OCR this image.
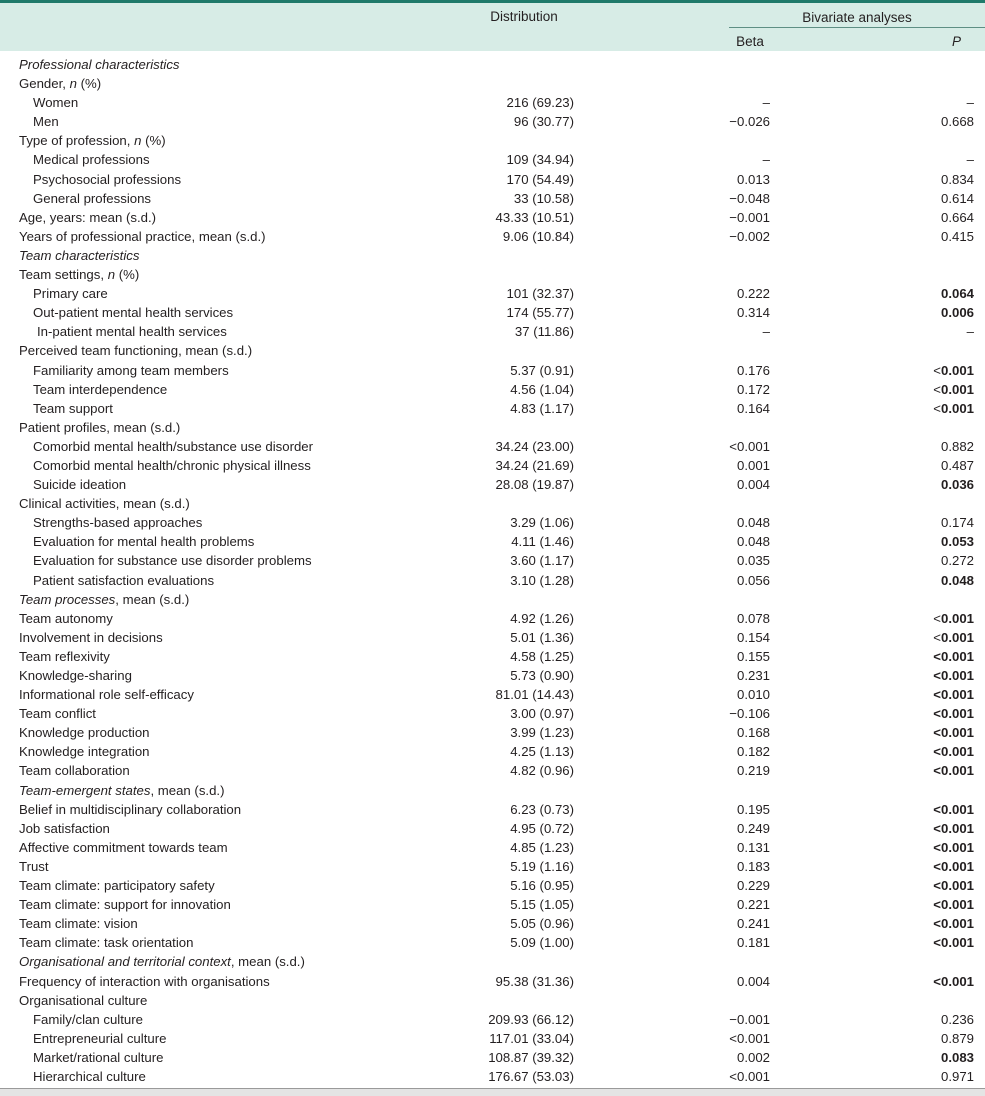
Distribution	Bivariate analyses
Beta	P
Professional characteristics
Gender, n (%)
Women	216 (69.23)	–	–
Men	96 (30.77)	−0.026	0.668
Type of profession, n (%)
Medical professions	109 (34.94)	–	–
Psychosocial professions	170 (54.49)	0.013	0.834
General professions	33 (10.58)	−0.048	0.614
Age, years: mean (s.d.)	43.33 (10.51)	−0.001	0.664
Years of professional practice, mean (s.d.)	9.06 (10.84)	−0.002	0.415
Team characteristics
Team settings, n (%)
Primary care	101 (32.37)	0.222	0.064
Out-patient mental health services	174 (55.77)	0.314	0.006
In-patient mental health services	37 (11.86)	–	–
Perceived team functioning, mean (s.d.)
Familiarity among team members	5.37 (0.91)	0.176	<0.001
Team interdependence	4.56 (1.04)	0.172	<0.001
Team support	4.83 (1.17)	0.164	<0.001
Patient profiles, mean (s.d.)
Comorbid mental health/substance use disorder	34.24 (23.00)	<0.001	0.882
Comorbid mental health/chronic physical illness	34.24 (21.69)	0.001	0.487
Suicide ideation	28.08 (19.87)	0.004	0.036
Clinical activities, mean (s.d.)
Strengths-based approaches	3.29 (1.06)	0.048	0.174
Evaluation for mental health problems	4.11 (1.46)	0.048	0.053
Evaluation for substance use disorder problems	3.60 (1.17)	0.035	0.272
Patient satisfaction evaluations	3.10 (1.28)	0.056	0.048
Team processes, mean (s.d.)
Team autonomy	4.92 (1.26)	0.078	<0.001
Involvement in decisions	5.01 (1.36)	0.154	<0.001
Team reflexivity	4.58 (1.25)	0.155	<0.001
Knowledge-sharing	5.73 (0.90)	0.231	<0.001
Informational role self-efficacy	81.01 (14.43)	0.010	<0.001
Team conflict	3.00 (0.97)	−0.106	<0.001
Knowledge production	3.99 (1.23)	0.168	<0.001
Knowledge integration	4.25 (1.13)	0.182	<0.001
Team collaboration	4.82 (0.96)	0.219	<0.001
Team-emergent states, mean (s.d.)
Belief in multidisciplinary collaboration	6.23 (0.73)	0.195	<0.001
Job satisfaction	4.95 (0.72)	0.249	<0.001
Affective commitment towards team	4.85 (1.23)	0.131	<0.001
Trust	5.19 (1.16)	0.183	<0.001
Team climate: participatory safety	5.16 (0.95)	0.229	<0.001
Team climate: support for innovation	5.15 (1.05)	0.221	<0.001
Team climate: vision	5.05 (0.96)	0.241	<0.001
Team climate: task orientation	5.09 (1.00)	0.181	<0.001
Organisational and territorial context, mean (s.d.)
Frequency of interaction with organisations	95.38 (31.36)	0.004	<0.001
Organisational culture
Family/clan culture	209.93 (66.12)	−0.001	0.236
Entrepreneurial culture	117.01 (33.04)	<0.001	0.879
Market/rational culture	108.87 (39.32)	0.002	0.083
Hierarchical culture	176.67 (53.03)	<0.001	0.971
